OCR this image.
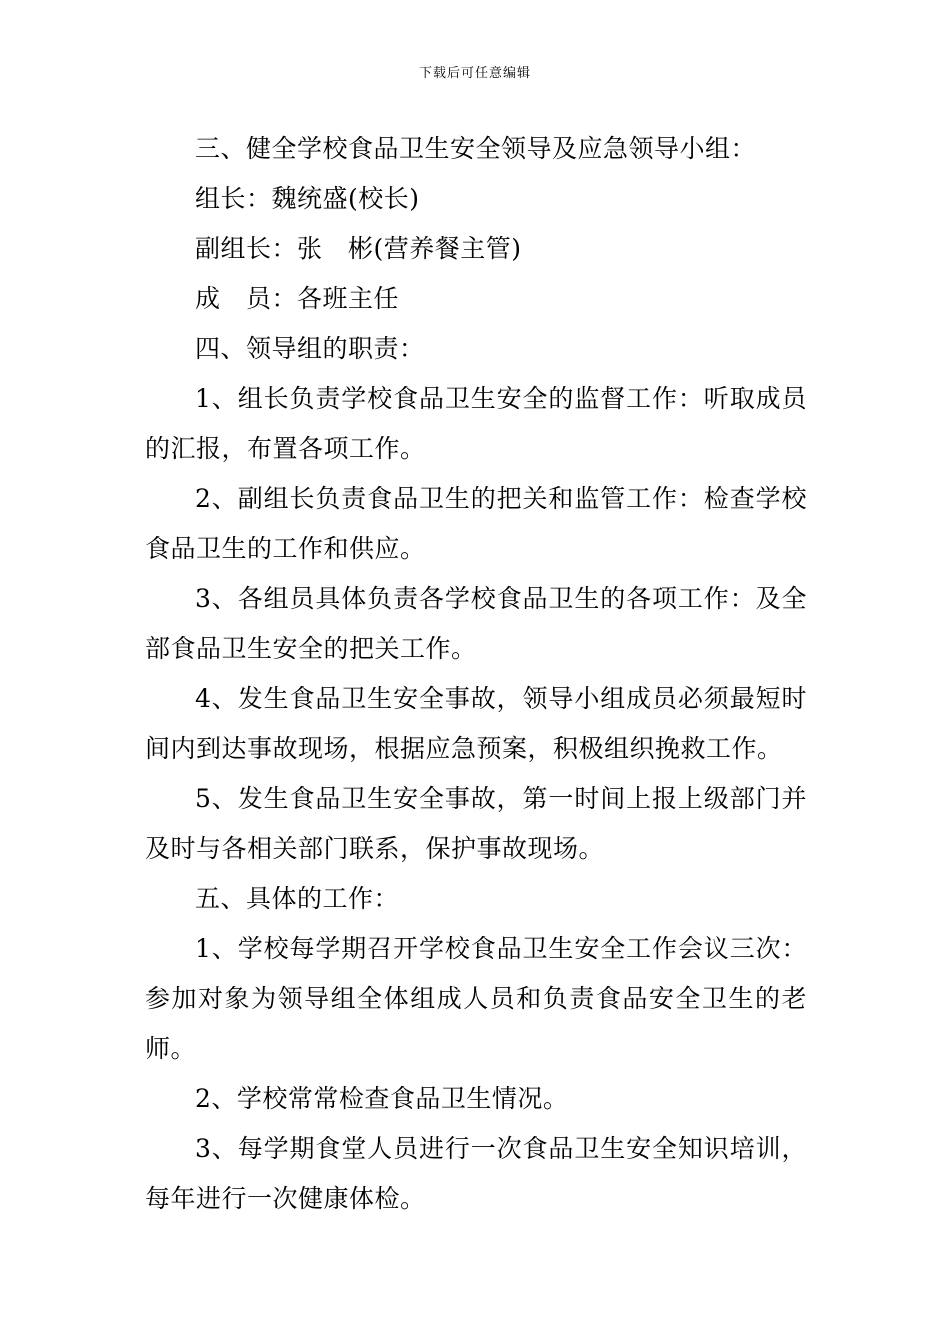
下载后可任意编辑

三、健全学校食品卫生安全领导及应急领导小组：

组长：魏统盛(校长)

副组长：张　彬(营养餐主管)

成　员：各班主任

四、领导组的职责：

1、组长负责学校食品卫生安全的监督工作：听取成员的汇报，布置各项工作。

2、副组长负责食品卫生的把关和监管工作：检查学校食品卫生的工作和供应。

3、各组员具体负责各学校食品卫生的各项工作：及全部食品卫生安全的把关工作。

4、发生食品卫生安全事故，领导小组成员必须最短时间内到达事故现场，根据应急预案，积极组织挽救工作。

5、发生食品卫生安全事故，第一时间上报上级部门并及时与各相关部门联系，保护事故现场。

五、具体的工作：

1、学校每学期召开学校食品卫生安全工作会议三次：参加对象为领导组全体组成人员和负责食品安全卫生的老师。

2、学校常常检查食品卫生情况。

3、每学期食堂人员进行一次食品卫生安全知识培训，每年进行一次健康体检。
